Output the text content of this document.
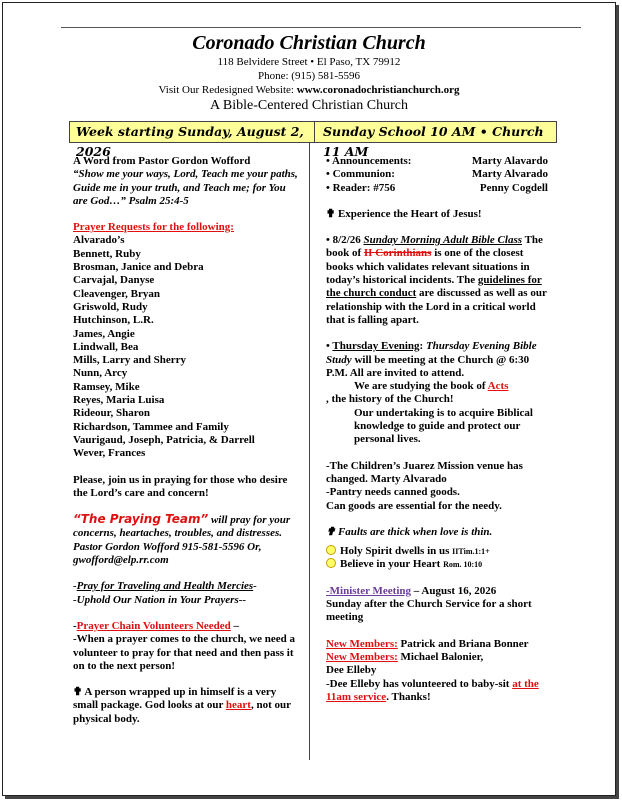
Coronado Christian Church
118 Belvidere Street • El Paso, TX 79912
Phone: (915) 581-5596
Visit Our Redesigned Website: www.coronadochristianchurch.org
A Bible-Centered Christian Church
Week starting Sunday, August 2, 2026
Sunday School 10 AM • Church 11 AM
A Word from Pastor Gordon Wofford
“Show me your ways, Lord, Teach me your paths, Guide me in your truth, and Teach me; for You are God…” Psalm 25:4-5
Prayer Requests for the following:
Alvarado’s
Bennett, Ruby
Brosman, Janice and Debra
Carvajal, Danyse
Cleavenger, Bryan
Griswold, Rudy
Hutchinson, L.R.
James, Angie
Lindwall, Bea
Mills, Larry and Sherry
Nunn, Arcy
Ramsey, Mike
Reyes, Maria Luisa
Rideour, Sharon
Richardson, Tammee and Family
Vaurigaud, Joseph, Patricia, & Darrell
Wever, Frances
Please, join us in praying for those who desire the Lord’s care and concern!
“The Praying Team” will pray for your concerns, heartaches, troubles, and distresses. Pastor Gordon Wofford 915-581-5596 Or, gwofford@elp.rr.com
-Pray for Traveling and Health Mercies-
-Uphold Our Nation in Your Prayers--
-Prayer Chain Volunteers Needed –
-When a prayer comes to the church, we need a volunteer to pray for that need and then pass it on to the next person!
✟ A person wrapped up in himself is a very small package. God looks at our heart, not our physical body.
• Announcements:	Marty Alavardo
• Communion:	Marty Alvarado
• Reader: #756	Penny Cogdell
✟ Experience the Heart of Jesus!
• 8/2/26 Sunday Morning Adult Bible Class The book of II Corinthians is one of the closest books which validates relevant situations in today’s historical incidents. The guidelines for the church conduct are discussed as well as our relationship with the Lord in a critical world that is falling apart.
• Thursday Evening: Thursday Evening Bible Study will be meeting at the Church @ 6:30 P.M. All are invited to attend.
We are studying the book of Acts
, the history of the Church!
Our undertaking is to acquire Biblical knowledge to guide and protect our personal lives.
-The Children’s Juarez Mission venue has changed. Marty Alvarado
-Pantry needs canned goods.
Can goods are essential for the needy.
✟ Faults are thick when love is thin.
Holy Spirit dwells in us IITim.1:1+
Believe in your Heart Rom. 10:10
-Minister Meeting – August 16, 2026
Sunday after the Church Service for a short meeting
New Members: Patrick and Briana Bonner
New Members: Michael Balonier,
Dee Elleby
-Dee Elleby has volunteered to baby-sit at the 11am service. Thanks!
